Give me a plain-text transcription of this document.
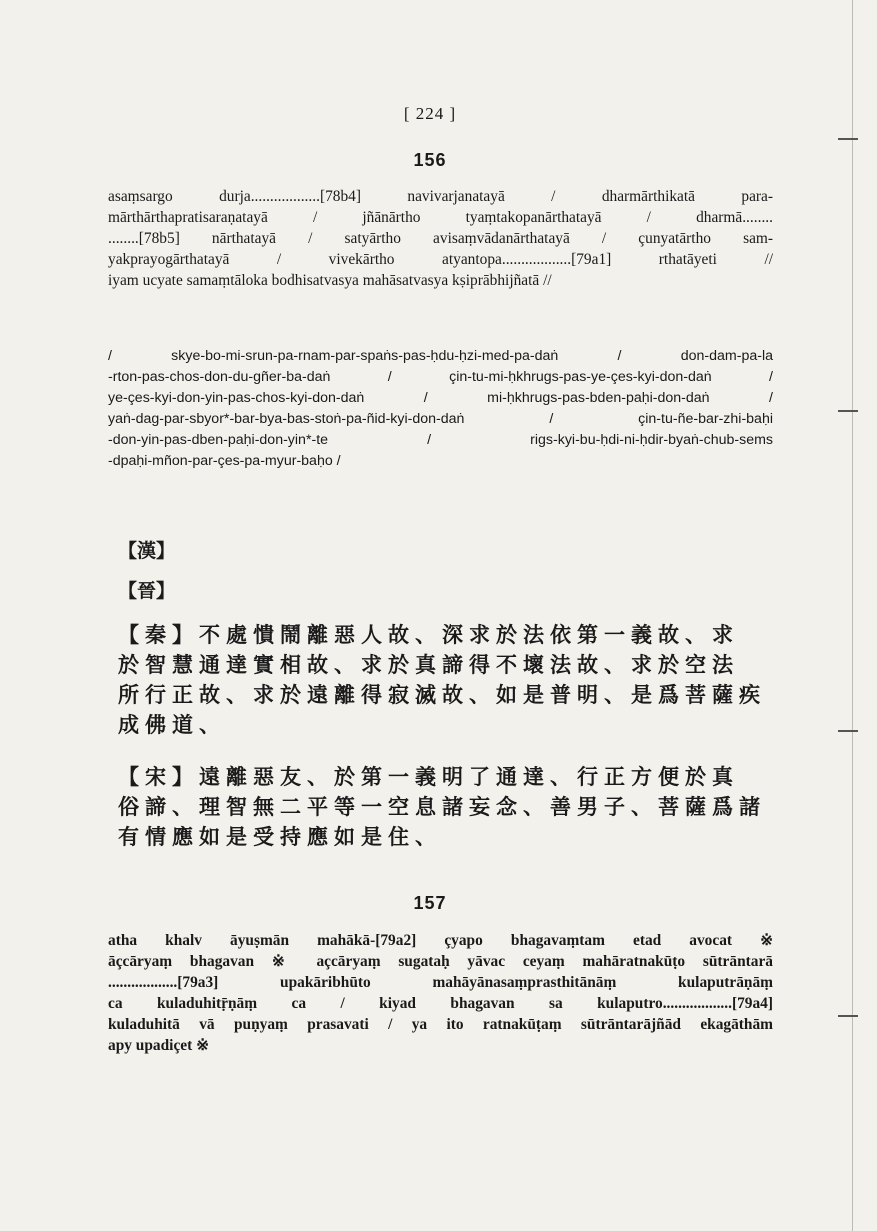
[ 224 ]
156
asaṃsargo durja..................[78b4] navivarjanatayā / dharmārthikatā para-
mārthārthapratisaraṇatayā / jñānārtho tyaṃtakopanārthatayā / dharmā........
........[78b5] nārthatayā / satyārtho avisaṃvādanārthatayā / çunyatārtho sam-
yakprayogārthatayā / vivekārtho atyantopa..................[79a1] rthatāyeti //
iyam ucyate samaṃtāloka bodhisatvasya mahāsatvasya kṣiprābhijñatā //
/ skye-bo-mi-srun-pa-rnam-par-spaṅs-pas-ḥdu-ḥzi-med-pa-daṅ / don-dam-pa-la
-rton-pas-chos-don-du-gñer-ba-daṅ / çin-tu-mi-ḥkhrugs-pas-ye-çes-kyi-don-daṅ /
ye-çes-kyi-don-yin-pas-chos-kyi-don-daṅ / mi-ḥkhrugs-pas-bden-paḥi-don-daṅ /
yaṅ-dag-par-sbyor*-bar-bya-bas-stoṅ-pa-ñid-kyi-don-daṅ / çin-tu-ñe-bar-zhi-baḥi
-don-yin-pas-dben-paḥi-don-yin*-te / rigs-kyi-bu-ḥdi-ni-ḥdir-byaṅ-chub-sems
-dpaḥi-mñon-par-çes-pa-myur-baḥo /
【漢】
【晉】
【秦】不處憒鬧離惡人故、深求於法依第一義故、求
於智慧通達實相故、求於真諦得不壞法故、求於空法
所行正故、求於遠離得寂滅故、如是普明、是爲菩薩疾
成佛道、
【宋】遠離惡友、於第一義明了通達、行正方便於真
俗諦、理智無二平等一空息諸妄念、善男子、菩薩爲諸
有情應如是受持應如是住、
157
atha khalv āyuṣmān mahākā-[79a2] çyapo bhagavaṃtam etad avocat ※
āçcāryaṃ bhagavan ※ açcāryaṃ sugataḥ yāvac ceyaṃ mahāratnakūṭo sūtrāntarā
..................[79a3] upakāribhūto mahāyānasaṃprasthitānāṃ kulaputrāṇāṃ
ca kuladuhitṝṇāṃ ca / kiyad bhagavan sa kulaputro..................[79a4]
kuladuhitā vā puṇyaṃ prasavati / ya ito ratnakūṭaṃ sūtrāntarājñād ekagāthām
apy upadiçet ※
